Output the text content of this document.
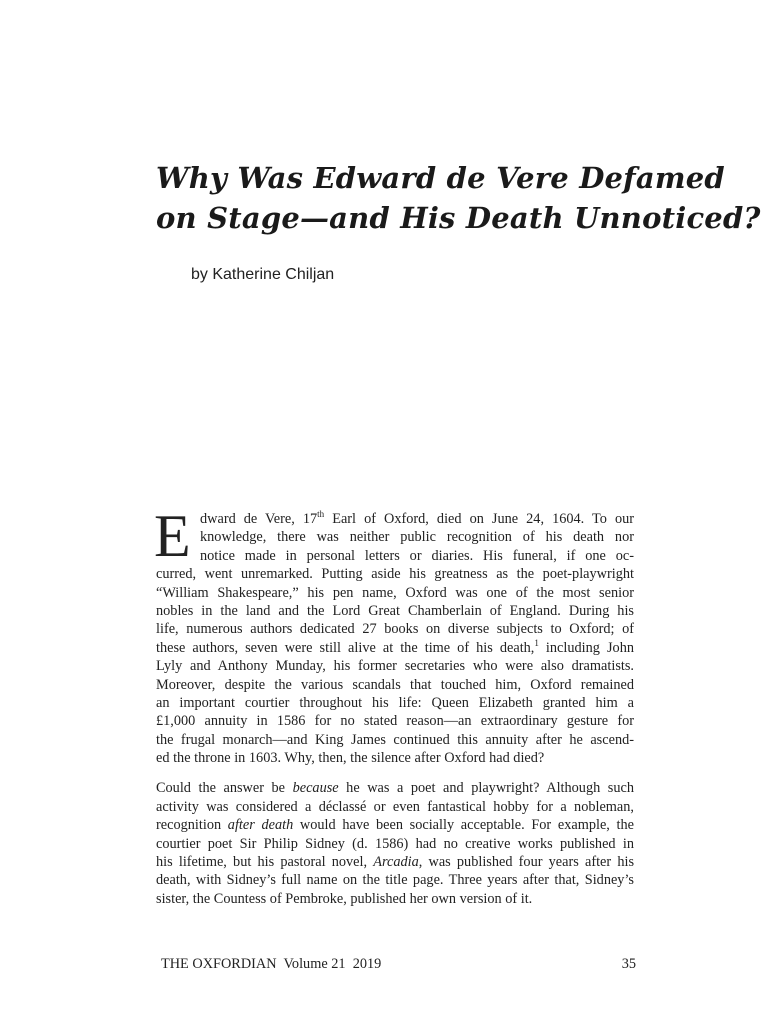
Why Was Edward de Vere Defamed
on Stage—and His Death Unnoticed?

by Katherine Chiljan

E dward de Vere, 17th Earl of Oxford, died on June 24, 1604. To our
knowledge, there was neither public recognition of his death nor
notice made in personal letters or diaries. His funeral, if one oc-
curred, went unremarked. Putting aside his greatness as the poet-playwright
“William Shakespeare,” his pen name, Oxford was one of the most senior
nobles in the land and the Lord Great Chamberlain of England. During his
life, numerous authors dedicated 27 books on diverse subjects to Oxford; of
these authors, seven were still alive at the time of his death,$^1$ including John
Lyly and Anthony Munday, his former secretaries who were also dramatists.
Moreover, despite the various scandals that touched him, Oxford remained
an important courtier throughout his life: Queen Elizabeth granted him a
£1,000 annuity in 1586 for no stated reason—an extraordinary gesture for
the frugal monarch—and King James continued this annuity after he ascend-
ed the throne in 1603. Why, then, the silence after Oxford had died?
Could the answer be because he was a poet and playwright? Although such
activity was considered a déclassé or even fantastical hobby for a nobleman,
recognition after death would have been socially acceptable. For example, the
courtier poet Sir Philip Sidney (d. 1586) had no creative works published in
his lifetime, but his pastoral novel, Arcadia, was published four years after his
death, with Sidney’s full name on the title page. Three years after that, Sidney’s
sister, the Countess of Pembroke, published her own version of it.
THE OXFORDIAN Volume 21 2019	35
